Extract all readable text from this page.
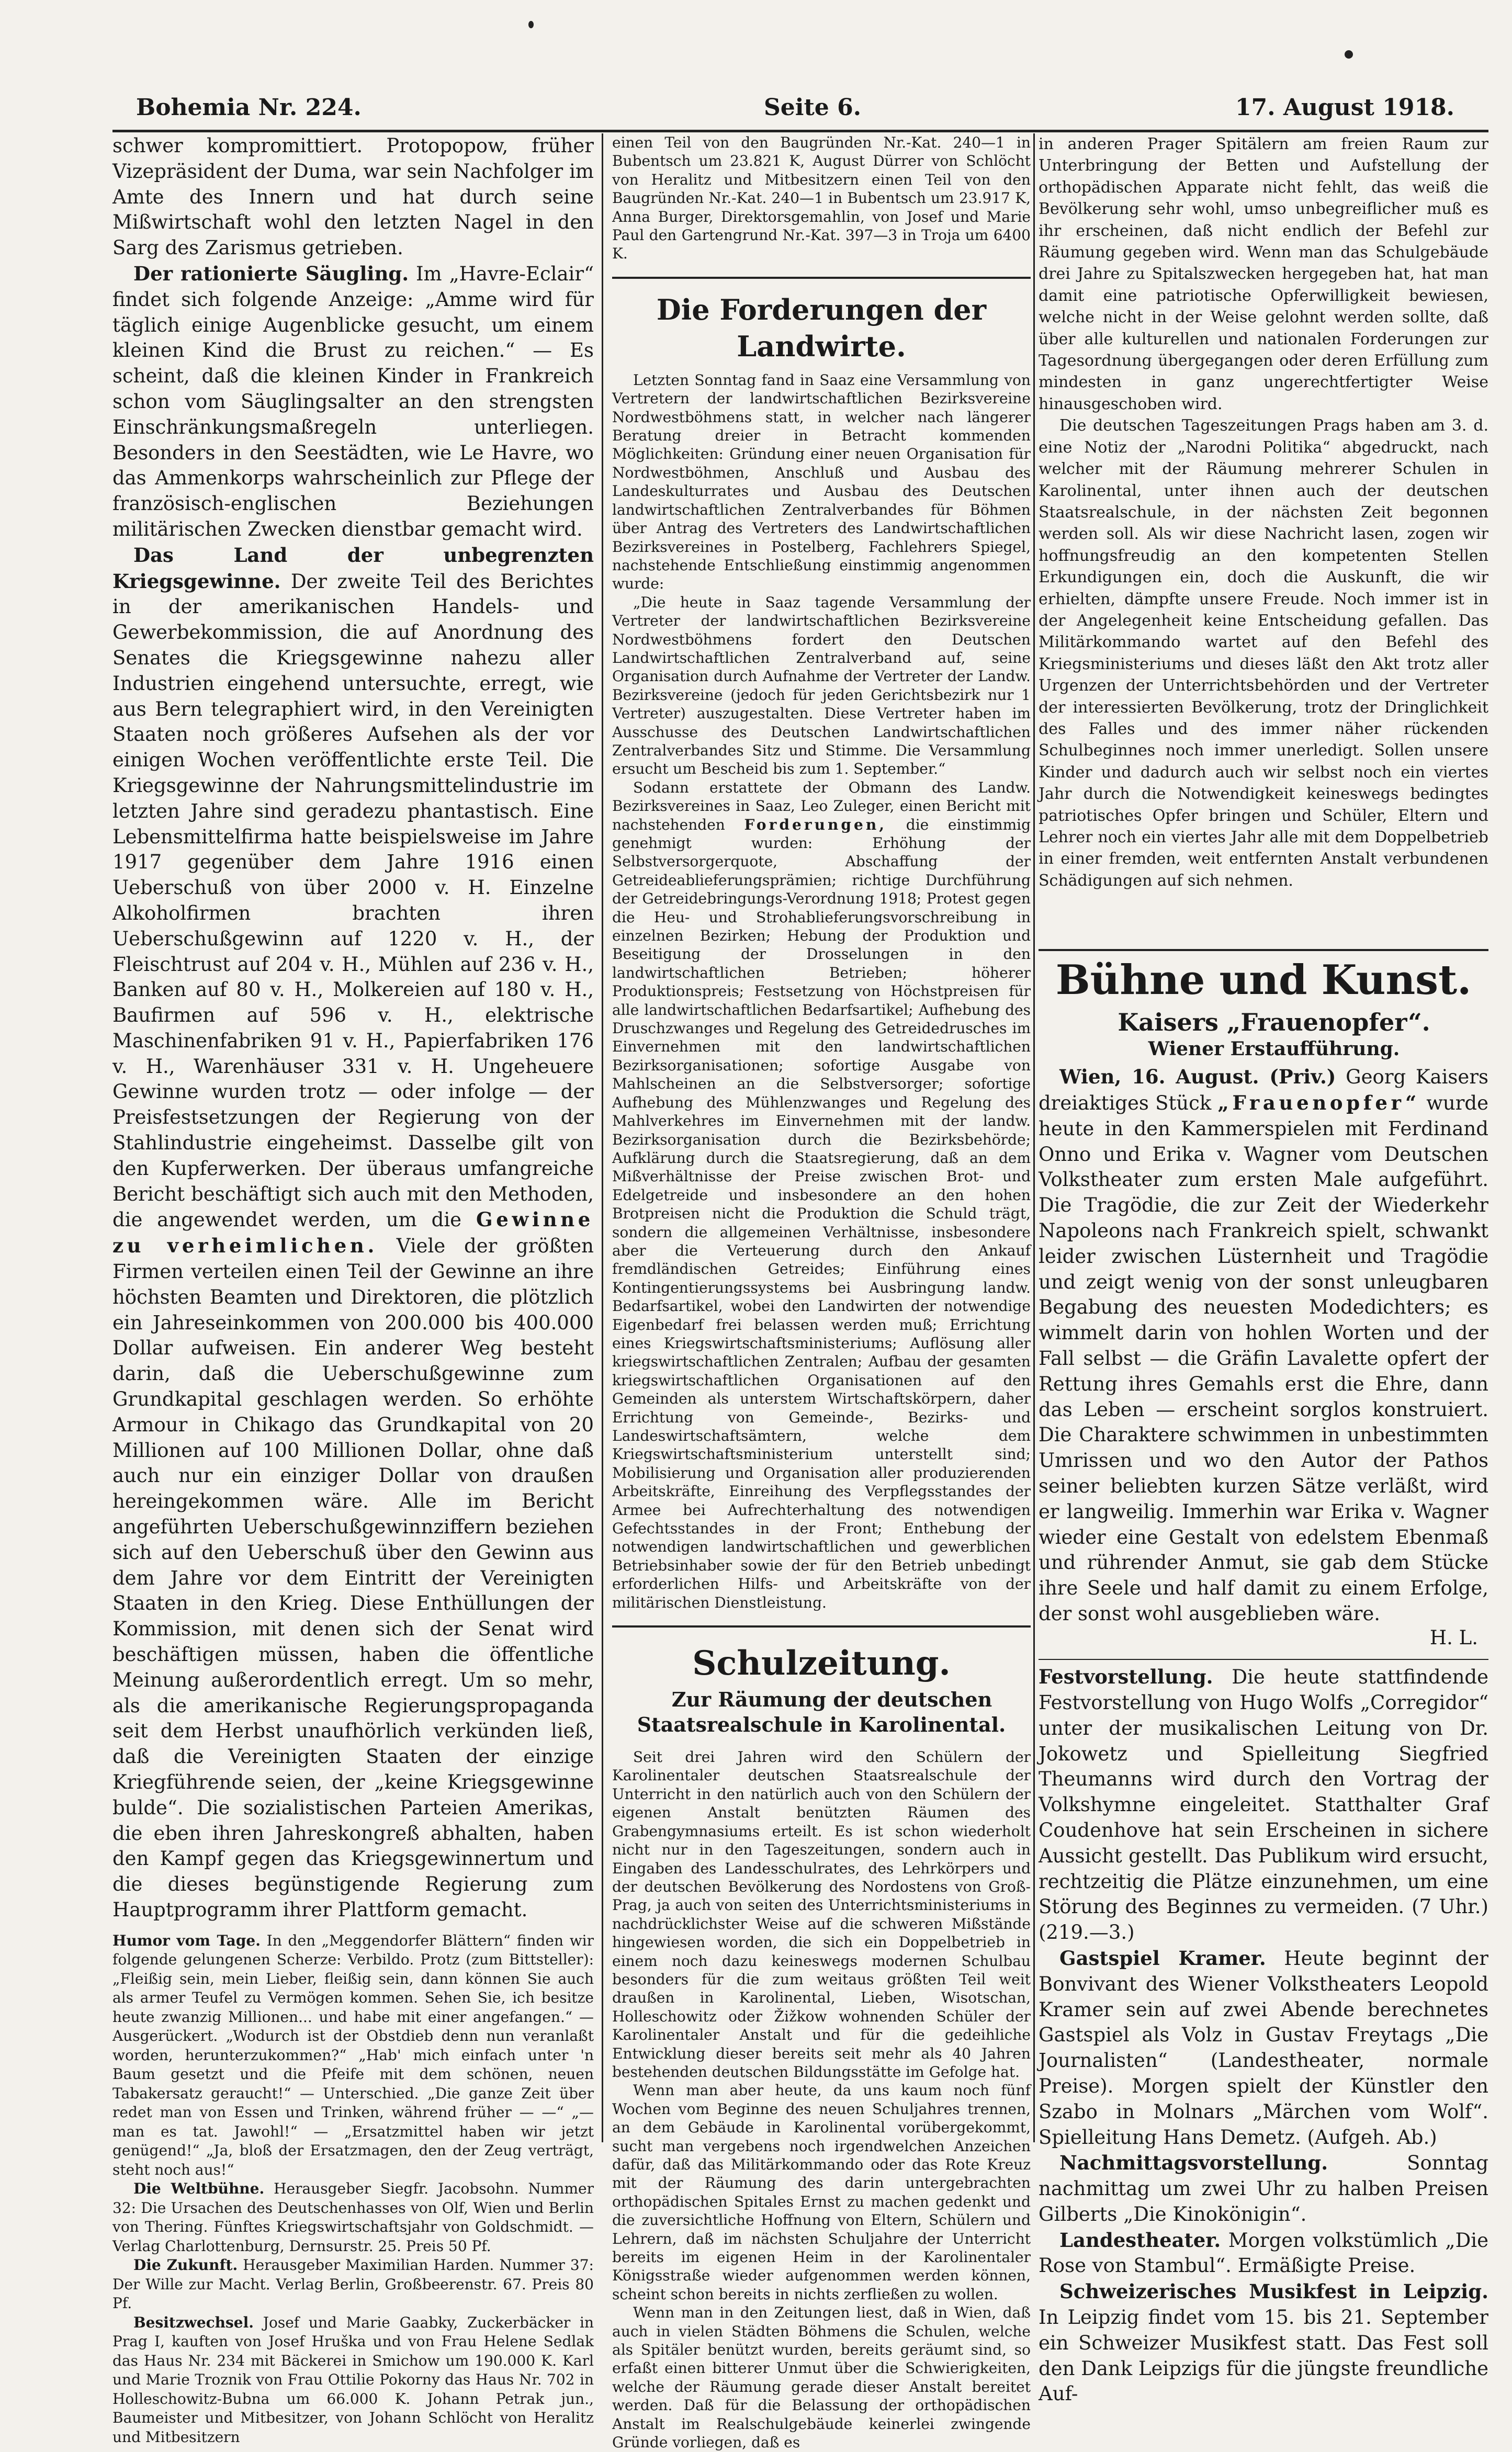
Bohemia Nr. 224.	Seite 6.	17. August 1918.

schwer kompromittiert. Protopopow, früher Vizepräsident der Duma, war sein Nachfolger im Amte des Innern und hat durch seine Mißwirtschaft wohl den letzten Nagel in den Sarg des Zarismus getrieben.

Der rationierte Säugling. Im „Havre-Eclair“ findet sich folgende Anzeige: „Amme wird für täglich einige Augenblicke gesucht, um einem kleinen Kind die Brust zu reichen.“ — Es scheint, daß die kleinen Kinder in Frankreich schon vom Säuglingsalter an den strengsten Einschränkungsmaßregeln unterliegen. Besonders in den Seestädten, wie Le Havre, wo das Ammenkorps wahrscheinlich zur Pflege der französisch-englischen Beziehungen militärischen Zwecken dienstbar gemacht wird.

Das Land der unbegrenzten Kriegsgewinne. Der zweite Teil des Berichtes in der amerikanischen Handels- und Gewerbekommission, die auf Anordnung des Senates die Kriegsgewinne nahezu aller Industrien eingehend untersuchte, erregt, wie aus Bern telegraphiert wird, in den Vereinigten Staaten noch größeres Aufsehen als der vor einigen Wochen veröffentlichte erste Teil. Die Kriegsgewinne der Nahrungsmittelindustrie im letzten Jahre sind geradezu phantastisch. Eine Lebensmittelfirma hatte beispielsweise im Jahre 1917 gegenüber dem Jahre 1916 einen Ueberschuß von über 2000 v. H. Einzelne Alkoholfirmen brachten ihren Ueberschußgewinn auf 1220 v. H., der Fleischtrust auf 204 v. H., Mühlen auf 236 v. H., Banken auf 80 v. H., Molkereien auf 180 v. H., Baufirmen auf 596 v. H., elektrische Maschinenfabriken 91 v. H., Papierfabriken 176 v. H., Warenhäuser 331 v. H. Ungeheuere Gewinne wurden trotz — oder infolge — der Preisfestsetzungen der Regierung von der Stahlindustrie eingeheimst. Dasselbe gilt von den Kupferwerken. Der überaus umfangreiche Bericht beschäftigt sich auch mit den Methoden, die angewendet werden, um die Gewinne zu verheimlichen. Viele der größten Firmen verteilen einen Teil der Gewinne an ihre höchsten Beamten und Direktoren, die plötzlich ein Jahreseinkommen von 200.000 bis 400.000 Dollar aufweisen. Ein anderer Weg besteht darin, daß die Ueberschußgewinne zum Grundkapital geschlagen werden. So erhöhte Armour in Chikago das Grundkapital von 20 Millionen auf 100 Millionen Dollar, ohne daß auch nur ein einziger Dollar von draußen hereingekommen wäre. Alle im Bericht angeführten Ueberschußgewinnziffern beziehen sich auf den Ueberschuß über den Gewinn aus dem Jahre vor dem Eintritt der Vereinigten Staaten in den Krieg. Diese Enthüllungen der Kommission, mit denen sich der Senat wird beschäftigen müssen, haben die öffentliche Meinung außerordentlich erregt. Um so mehr, als die amerikanische Regierungspropaganda seit dem Herbst unaufhörlich verkünden ließ, daß die Vereinigten Staaten der einzige Kriegführende seien, der „keine Kriegsgewinne bulde“. Die sozialistischen Parteien Amerikas, die eben ihren Jahreskongreß abhalten, haben den Kampf gegen das Kriegsgewinnertum und die dieses begünstigende Regierung zum Hauptprogramm ihrer Plattform gemacht.

Humor vom Tage. In den „Meggendorfer Blättern“ finden wir folgende gelungenen Scherze: Verbildo. Protz (zum Bittsteller): „Fleißig sein, mein Lieber, fleißig sein, dann können Sie auch als armer Teufel zu Vermögen kommen. Sehen Sie, ich besitze heute zwanzig Millionen... und habe mit einer angefangen.“ — Ausgerückert. „Wodurch ist der Obstdieb denn nun veranlaßt worden, herunterzukommen?“ „Hab' mich einfach unter 'n Baum gesetzt und die Pfeife mit dem schönen, neuen Tabakersatz geraucht!“ — Unterschied. „Die ganze Zeit über redet man von Essen und Trinken, während früher — —“ „— man es tat. Jawohl!“ — „Ersatzmittel haben wir jetzt genügend!“ „Ja, bloß der Ersatzmagen, den der Zeug verträgt, steht noch aus!“

Die Weltbühne. Herausgeber Siegfr. Jacobsohn. Nummer 32: Die Ursachen des Deutschenhasses von Olf, Wien und Berlin von Thering. Fünftes Kriegswirtschaftsjahr von Goldschmidt. — Verlag Charlottenburg, Dernsurstr. 25. Preis 50 Pf.

Die Zukunft. Herausgeber Maximilian Harden. Nummer 37: Der Wille zur Macht. Verlag Berlin, Großbeerenstr. 67. Preis 80 Pf.

Besitzwechsel. Josef und Marie Gaabky, Zuckerbäcker in Prag I, kauften von Josef Hruška und von Frau Helene Sedlak das Haus Nr. 234 mit Bäckerei in Smichow um 190.000 K. Karl und Marie Troznik von Frau Ottilie Pokorny das Haus Nr. 702 in Holleschowitz-Bubna um 66.000 K. Johann Petrak jun., Baumeister und Mitbesitzer, von Johann Schlöcht von Heralitz und Mitbesitzern

einen Teil von den Baugründen Nr.-Kat. 240—1 in Bubentsch um 23.821 K, August Dürrer von Schlöcht von Heralitz und Mitbesitzern einen Teil von den Baugründen Nr.-Kat. 240—1 in Bubentsch um 23.917 K, Anna Burger, Direktorsgemahlin, von Josef und Marie Paul den Gartengrund Nr.-Kat. 397—3 in Troja um 6400 K.

Die Forderungen der Landwirte.

Letzten Sonntag fand in Saaz eine Versammlung von Vertretern der landwirtschaftlichen Bezirksvereine Nordwestböhmens statt, in welcher nach längerer Beratung dreier in Betracht kommenden Möglichkeiten: Gründung einer neuen Organisation für Nordwestböhmen, Anschluß und Ausbau des Landeskulturrates und Ausbau des Deutschen landwirtschaftlichen Zentralverbandes für Böhmen über Antrag des Vertreters des Landwirtschaftlichen Bezirksvereines in Postelberg, Fachlehrers Spiegel, nachstehende Entschließung einstimmig angenommen wurde:

„Die heute in Saaz tagende Versammlung der Vertreter der landwirtschaftlichen Bezirksvereine Nordwestböhmens fordert den Deutschen Landwirtschaftlichen Zentralverband auf, seine Organisation durch Aufnahme der Vertreter der Landw. Bezirksvereine (jedoch für jeden Gerichtsbezirk nur 1 Vertreter) auszugestalten. Diese Vertreter haben im Ausschusse des Deutschen Landwirtschaftlichen Zentralverbandes Sitz und Stimme. Die Versammlung ersucht um Bescheid bis zum 1. September.“

Sodann erstattete der Obmann des Landw. Bezirksvereines in Saaz, Leo Zuleger, einen Bericht mit nachstehenden Forderungen, die einstimmig genehmigt wurden: Erhöhung der Selbstversorgerquote, Abschaffung der Getreideablieferungsprämien; richtige Durchführung der Getreidebringungs-Verordnung 1918; Protest gegen die Heu- und Strohablieferungsvorschreibung in einzelnen Bezirken; Hebung der Produktion und Beseitigung der Drosselungen in den landwirtschaftlichen Betrieben; höherer Produktionspreis; Festsetzung von Höchstpreisen für alle landwirtschaftlichen Bedarfsartikel; Aufhebung des Druschzwanges und Regelung des Getreidedrusches im Einvernehmen mit den landwirtschaftlichen Bezirksorganisationen; sofortige Ausgabe von Mahlscheinen an die Selbstversorger; sofortige Aufhebung des Mühlenzwanges und Regelung des Mahlverkehres im Einvernehmen mit der landw. Bezirksorganisation durch die Bezirksbehörde; Aufklärung durch die Staatsregierung, daß an dem Mißverhältnisse der Preise zwischen Brot- und Edelgetreide und insbesondere an den hohen Brotpreisen nicht die Produktion die Schuld trägt, sondern die allgemeinen Verhältnisse, insbesondere aber die Verteuerung durch den Ankauf fremdländischen Getreides; Einführung eines Kontingentierungssystems bei Ausbringung landw. Bedarfsartikel, wobei den Landwirten der notwendige Eigenbedarf frei belassen werden muß; Errichtung eines Kriegswirtschaftsministeriums; Auflösung aller kriegswirtschaftlichen Zentralen; Aufbau der gesamten kriegswirtschaftlichen Organisationen auf den Gemeinden als unterstem Wirtschaftskörpern, daher Errichtung von Gemeinde-, Bezirks- und Landeswirtschaftsämtern, welche dem Kriegswirtschaftsministerium unterstellt sind; Mobilisierung und Organisation aller produzierenden Arbeitskräfte, Einreihung des Verpflegsstandes der Armee bei Aufrechterhaltung des notwendigen Gefechtsstandes in der Front; Enthebung der notwendigen landwirtschaftlichen und gewerblichen Betriebsinhaber sowie der für den Betrieb unbedingt erforderlichen Hilfs- und Arbeitskräfte von der militärischen Dienstleistung.

Schulzeitung.

Zur Räumung der deutschen Staatsrealschule in Karolinental.

Seit drei Jahren wird den Schülern der Karolinentaler deutschen Staatsrealschule der Unterricht in den natürlich auch von den Schülern der eigenen Anstalt benützten Räumen des Grabengymnasiums erteilt. Es ist schon wiederholt nicht nur in den Tageszeitungen, sondern auch in Eingaben des Landesschulrates, des Lehrkörpers und der deutschen Bevölkerung des Nordostens von Groß-Prag, ja auch von seiten des Unterrichtsministeriums in nachdrücklichster Weise auf die schweren Mißstände hingewiesen worden, die sich ein Doppelbetrieb in einem noch dazu keineswegs modernen Schulbau besonders für die zum weitaus größten Teil weit draußen in Karolinental, Lieben, Wisotschan, Holleschowitz oder Žižkow wohnenden Schüler der Karolinentaler Anstalt und für die gedeihliche Entwicklung dieser bereits seit mehr als 40 Jahren bestehenden deutschen Bildungsstätte im Gefolge hat.

Wenn man aber heute, da uns kaum noch fünf Wochen vom Beginne des neuen Schuljahres trennen, an dem Gebäude in Karolinental vorübergekommt, sucht man vergebens noch irgendwelchen Anzeichen dafür, daß das Militärkommando oder das Rote Kreuz mit der Räumung des darin untergebrachten orthopädischen Spitales Ernst zu machen gedenkt und die zuversichtliche Hoffnung von Eltern, Schülern und Lehrern, daß im nächsten Schuljahre der Unterricht bereits im eigenen Heim in der Karolinentaler Königsstraße wieder aufgenommen werden können, scheint schon bereits in nichts zerfließen zu wollen.

Wenn man in den Zeitungen liest, daß in Wien, daß auch in vielen Städten Böhmens die Schulen, welche als Spitäler benützt wurden, bereits geräumt sind, so erfaßt einen bitterer Unmut über die Schwierigkeiten, welche der Räumung gerade dieser Anstalt bereitet werden. Daß für die Belassung der orthopädischen Anstalt im Realschulgebäude keinerlei zwingende Gründe vorliegen, daß es

in anderen Prager Spitälern am freien Raum zur Unterbringung der Betten und Aufstellung der orthopädischen Apparate nicht fehlt, das weiß die Bevölkerung sehr wohl, umso unbegreiflicher muß es ihr erscheinen, daß nicht endlich der Befehl zur Räumung gegeben wird. Wenn man das Schulgebäude drei Jahre zu Spitalszwecken hergegeben hat, hat man damit eine patriotische Opferwilligkeit bewiesen, welche nicht in der Weise gelohnt werden sollte, daß über alle kulturellen und nationalen Forderungen zur Tagesordnung übergegangen oder deren Erfüllung zum mindesten in ganz ungerechtfertigter Weise hinausgeschoben wird.

Die deutschen Tageszeitungen Prags haben am 3. d. eine Notiz der „Narodni Politika“ abgedruckt, nach welcher mit der Räumung mehrerer Schulen in Karolinental, unter ihnen auch der deutschen Staatsrealschule, in der nächsten Zeit begonnen werden soll. Als wir diese Nachricht lasen, zogen wir hoffnungsfreudig an den kompetenten Stellen Erkundigungen ein, doch die Auskunft, die wir erhielten, dämpfte unsere Freude. Noch immer ist in der Angelegenheit keine Entscheidung gefallen. Das Militärkommando wartet auf den Befehl des Kriegsministeriums und dieses läßt den Akt trotz aller Urgenzen der Unterrichtsbehörden und der Vertreter der interessierten Bevölkerung, trotz der Dringlichkeit des Falles und des immer näher rückenden Schulbeginnes noch immer unerledigt. Sollen unsere Kinder und dadurch auch wir selbst noch ein viertes Jahr durch die Notwendigkeit keineswegs bedingtes patriotisches Opfer bringen und Schüler, Eltern und Lehrer noch ein viertes Jahr alle mit dem Doppelbetrieb in einer fremden, weit entfernten Anstalt verbundenen Schädigungen auf sich nehmen.

Bühne und Kunst.

Kaisers „Frauenopfer“.

Wiener Erstaufführung.

Wien, 16. August. (Priv.) Georg Kaisers dreiaktiges Stück „Frauenopfer“ wurde heute in den Kammerspielen mit Ferdinand Onno und Erika v. Wagner vom Deutschen Volkstheater zum ersten Male aufgeführt. Die Tragödie, die zur Zeit der Wiederkehr Napoleons nach Frankreich spielt, schwankt leider zwischen Lüsternheit und Tragödie und zeigt wenig von der sonst unleugbaren Begabung des neuesten Modedichters; es wimmelt darin von hohlen Worten und der Fall selbst — die Gräfin Lavalette opfert der Rettung ihres Gemahls erst die Ehre, dann das Leben — erscheint sorglos konstruiert. Die Charaktere schwimmen in unbestimmten Umrissen und wo den Autor der Pathos seiner beliebten kurzen Sätze verläßt, wird er langweilig. Immerhin war Erika v. Wagner wieder eine Gestalt von edelstem Ebenmaß und rührender Anmut, sie gab dem Stücke ihre Seele und half damit zu einem Erfolge, der sonst wohl ausgeblieben wäre.

H. L.

Festvorstellung. Die heute stattfindende Festvorstellung von Hugo Wolfs „Corregidor“ unter der musikalischen Leitung von Dr. Jokowetz und Spielleitung Siegfried Theumanns wird durch den Vortrag der Volkshymne eingeleitet. Statthalter Graf Coudenhove hat sein Erscheinen in sichere Aussicht gestellt. Das Publikum wird ersucht, rechtzeitig die Plätze einzunehmen, um eine Störung des Beginnes zu vermeiden. (7 Uhr.) (219.—3.)

Gastspiel Kramer. Heute beginnt der Bonvivant des Wiener Volkstheaters Leopold Kramer sein auf zwei Abende berechnetes Gastspiel als Volz in Gustav Freytags „Die Journalisten“ (Landestheater, normale Preise). Morgen spielt der Künstler den Szabo in Molnars „Märchen vom Wolf“. Spielleitung Hans Demetz. (Aufgeh. Ab.)

Nachmittagsvorstellung.	Sonntag nachmittag um zwei Uhr zu halben Preisen Gilberts „Die Kinokönigin“.

Landestheater. Morgen volkstümlich „Die Rose von Stambul“. Ermäßigte Preise.

Schweizerisches Musikfest in Leipzig. In Leipzig findet vom 15. bis 21. September ein Schweizer Musikfest statt. Das Fest soll den Dank Leipzigs für die jüngste freundliche Auf-
